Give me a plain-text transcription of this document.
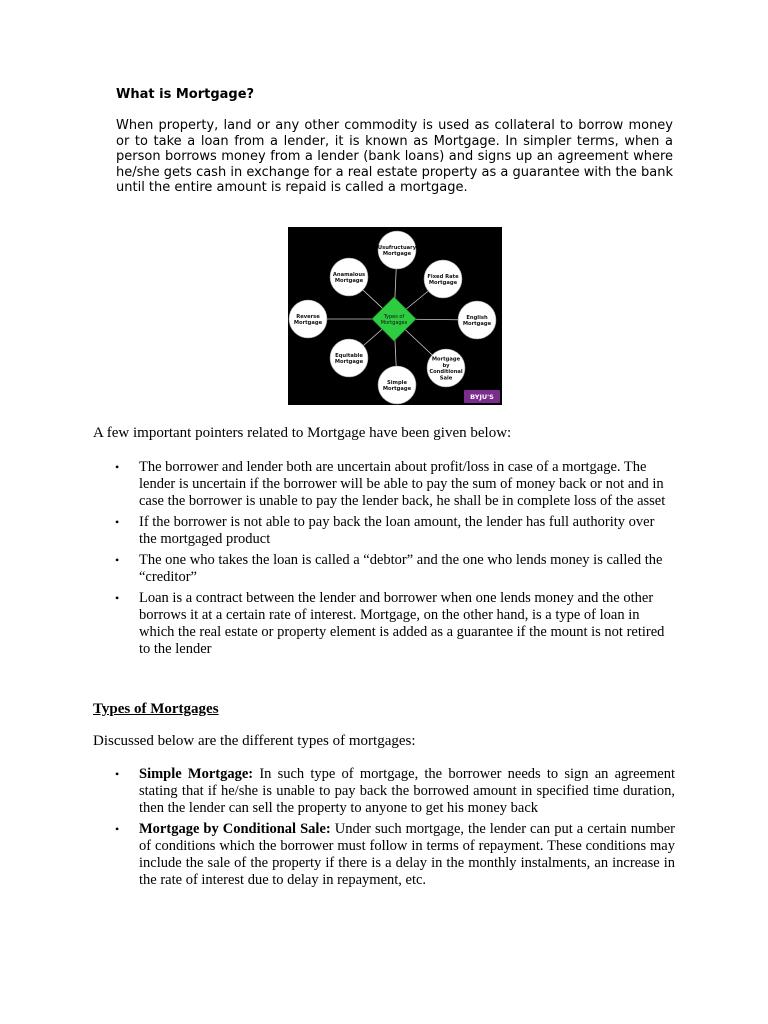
What is Mortgage?

When property, land or any other commodity is used as collateral to borrow money or to take a loan from a lender, it is known as Mortgage. In simpler terms, when a person borrows money from a lender (bank loans) and signs up an agreement where he/she gets cash in exchange for a real estate property as a guarantee with the bank until the entire amount is repaid is called a mortgage.

Usufructuary
Mortgage
Fixed Rate
Mortgage
English
Mortgage
Mortgage
by
Conditional
Sale
Simple
Mortgage
Equitable
Mortgage
Reverse
Mortgage
Anamalous
Mortgage
Types of
Mortgages
BYJU'S

A few important pointers related to Mortgage have been given below:

• The borrower and lender both are uncertain about profit/loss in case of a mortgage. The lender is uncertain if the borrower will be able to pay the sum of money back or not and in case the borrower is unable to pay the lender back, he shall be in complete loss of the asset
• If the borrower is not able to pay back the loan amount, the lender has full authority over the mortgaged product
• The one who takes the loan is called a “debtor” and the one who lends money is called the “creditor”
• Loan is a contract between the lender and borrower when one lends money and the other borrows it at a certain rate of interest. Mortgage, on the other hand, is a type of loan in which the real estate or property element is added as a guarantee if the mount is not retired to the lender
Types of Mortgages

Discussed below are the different types of mortgages:

• Simple Mortgage: In such type of mortgage, the borrower needs to sign an agreement stating that if he/she is unable to pay back the borrowed amount in specified time duration, then the lender can sell the property to anyone to get his money back
• Mortgage by Conditional Sale: Under such mortgage, the lender can put a certain number of conditions which the borrower must follow in terms of repayment. These conditions may include the sale of the property if there is a delay in the monthly instalments, an increase in the rate of interest due to delay in repayment, etc.
